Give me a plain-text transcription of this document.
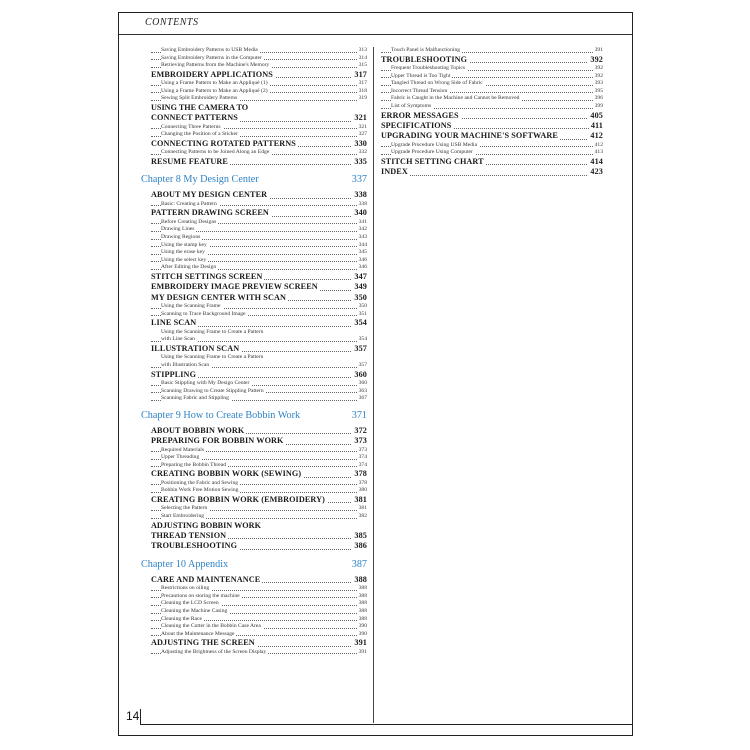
CONTENTS
Saving Embroidery Patterns to USB Media	313
Saving Embroidery Patterns in the Computer	314
Retrieving Patterns from the Machine's Memory	315
EMBROIDERY APPLICATIONS	317
Using a Frame Pattern to Make an Appliqué (1)	317
Using a Frame Pattern to Make an Appliqué (2)	318
Sewing Split Embroidery Patterns	319
USING THE CAMERA TO
CONNECT PATTERNS	321
Connecting Three Patterns	321
Changing the Position of a Sticker	327
CONNECTING ROTATED PATTERNS	330
Connecting Patterns to be Joined Along an Edge	332
RESUME FEATURE	335
Chapter 8 My Design Center	337
ABOUT MY DESIGN CENTER	338
Basic: Creating a Pattern	338
PATTERN DRAWING SCREEN	340
Before Creating Designs	341
Drawing Lines	342
Drawing Regions	343
Using the stamp key	344
Using the erase key	345
Using the select key	346
After Editing the Design	346
STITCH SETTINGS SCREEN	347
EMBROIDERY IMAGE PREVIEW SCREEN	349
MY DESIGN CENTER WITH SCAN	350
Using the Scanning Frame	350
Scanning to Trace Background Image	351
LINE SCAN	354
Using the Scanning Frame to Create a Pattern
with Line Scan	354
ILLUSTRATION SCAN	357
Using the Scanning Frame to Create a Pattern
with Illustration Scan	357
STIPPLING	360
Basic Stippling with My Design Center	360
Scanning Drawing to Create Stippling Pattern	363
Scanning Fabric and Stippling	367
Chapter 9 How to Create Bobbin Work	371
ABOUT BOBBIN WORK	372
PREPARING FOR BOBBIN WORK	373
Required Materials	373
Upper Threading	374
Preparing the Bobbin Thread	374
CREATING BOBBIN WORK (SEWING)	378
Positioning the Fabric and Sewing	378
Bobbin Work Free Motion Sewing	380
CREATING BOBBIN WORK (EMBROIDERY)	381
Selecting the Pattern	381
Start Embroidering	382
ADJUSTING BOBBIN WORK
THREAD TENSION	385
TROUBLESHOOTING	386
Chapter 10 Appendix	387
CARE AND MAINTENANCE	388
Restrictions on oiling	388
Precautions on storing the machine	388
Cleaning the LCD Screen	388
Cleaning the Machine Casing	388
Cleaning the Race	388
Cleaning the Cutter in the Bobbin Case Area	390
About the Maintenance Message	390
ADJUSTING THE SCREEN	391
Adjusting the Brightness of the Screen Display	391
Touch Panel is Malfunctioning	391
TROUBLESHOOTING	392
Frequent Troubleshooting Topics	392
Upper Thread is Too Tight	392
Tangled Thread on Wrong Side of Fabric	393
Incorrect Thread Tension	395
Fabric is Caught in the Machine and Cannot be Removed	396
List of Symptoms	399
ERROR MESSAGES	405
SPECIFICATIONS	411
UPGRADING YOUR MACHINE'S SOFTWARE	412
Upgrade Procedure Using USB Media	412
Upgrade Procedure Using Computer	413
STITCH SETTING CHART	414
INDEX	423
14
